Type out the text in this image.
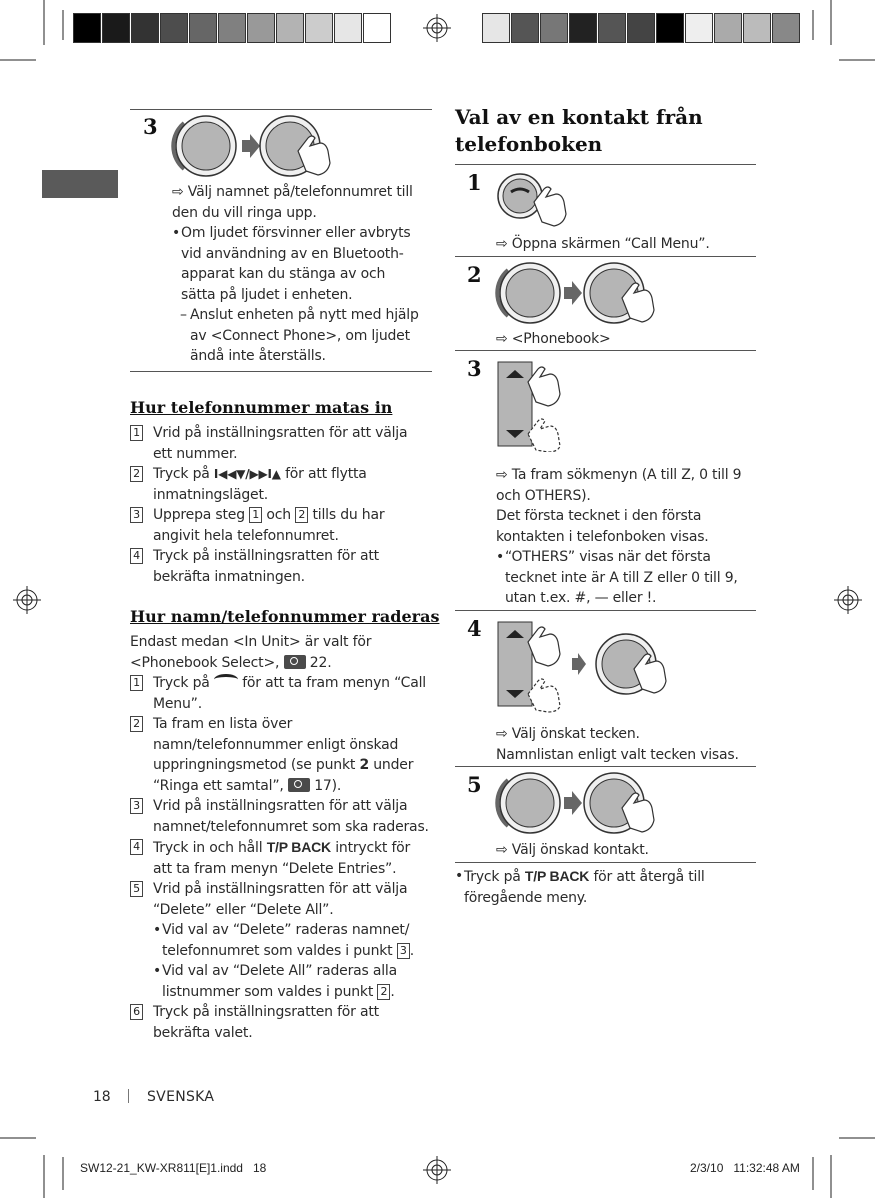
3
⇨ Välj namnet på/telefonnumret till den du vill ringa upp.
• Om ljudet försvinner eller avbryts vid användning av en Bluetooth-apparat kan du stänga av och sätta på ljudet i enheten.
– Anslut enheten på nytt med hjälp av <Connect Phone>, om ljudet ändå inte återställs.
Hur telefonnummer matas in
1 Vrid på inställningsratten för att välja ett nummer.
2 Tryck på I◀◀▼/▶▶I▲ för att flytta inmatningsläget.
3 Upprepa steg 1 och 2 tills du har angivit hela telefonnumret.
4 Tryck på inställningsratten för att bekräfta inmatningen.
Hur namn/telefonnummer raderas
Endast medan <In Unit> är valt för
<Phonebook Select>, 22.
1 Tryck på för att ta fram menyn “Call Menu”.
2 Ta fram en lista över namn/telefonnummer enligt önskad uppringningsmetod (se punkt 2 under “Ringa ett samtal”, 17).
3 Vrid på inställningsratten för att välja namnet/telefonnumret som ska raderas.
4 Tryck in och håll T/P BACK intryckt för att ta fram menyn “Delete Entries”.
5 Vrid på inställningsratten för att välja “Delete” eller “Delete All”.
• Vid val av “Delete” raderas namnet/ telefonnumret som valdes i punkt 3 .
• Vid val av “Delete All” raderas alla listnummer som valdes i punkt 2 .
6 Tryck på inställningsratten för att bekräfta valet.
Val av en kontakt från telefonboken
1
⇨ Öppna skärmen “Call Menu”.
2
⇨ <Phonebook>
3
⇨ Ta fram sökmenyn (A till Z, 0 till 9 och OTHERS).
Det första tecknet i den första kontakten i telefonboken visas.
• “OTHERS” visas när det första tecknet inte är A till Z eller 0 till 9, utan t.ex. #, — eller !.
4
⇨ Välj önskat tecken.
Namnlistan enligt valt tecken visas.
5
⇨ Välj önskad kontakt.
• Tryck på T/P BACK för att återgå till föregående meny.
18	SVENSKA
SW12-21_KW-XR811[E]1.indd   18	2/3/10   11:32:48 AM
